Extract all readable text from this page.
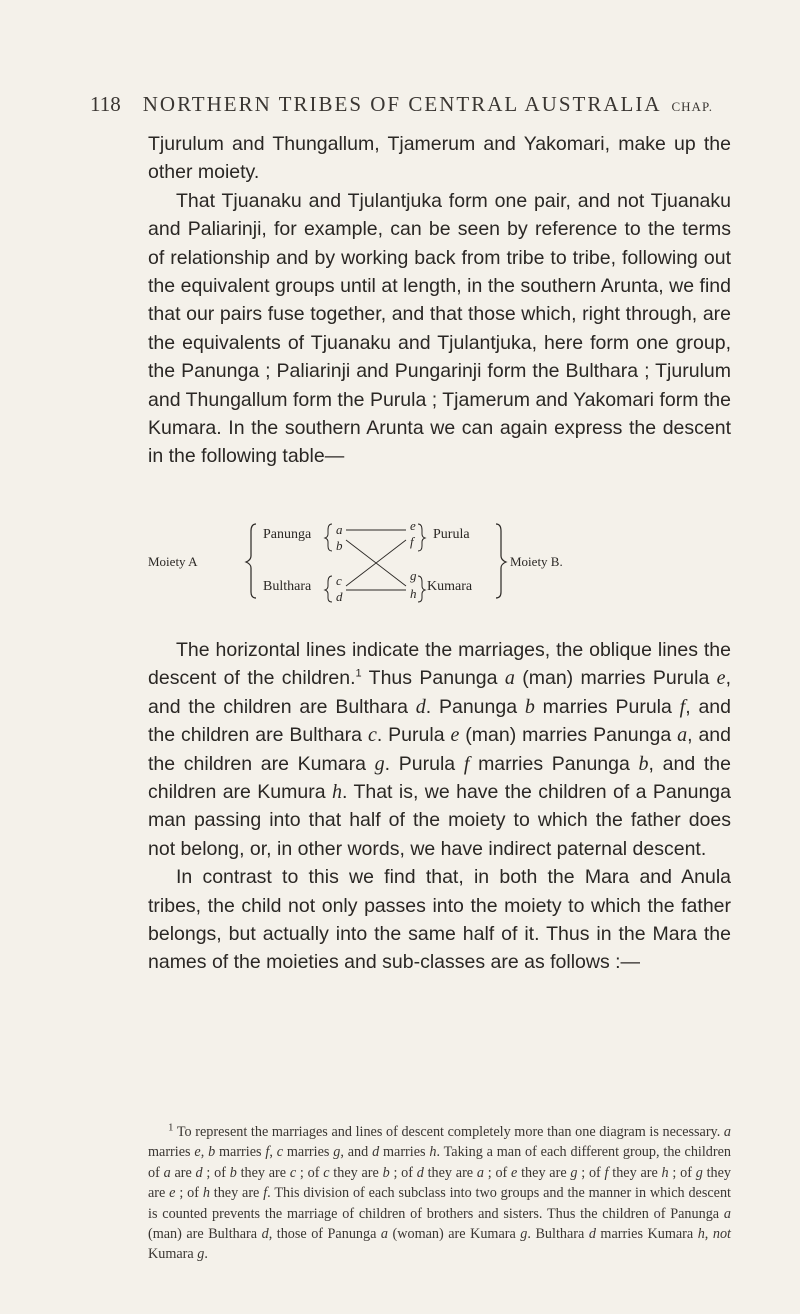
118 NORTHERN TRIBES OF CENTRAL AUSTRALIA CHAP.

Tjurulum and Thungallum, Tjamerum and Yakomari, make up the other moiety.

That Tjuanaku and Tjulantjuka form one pair, and not Tjuanaku and Paliarinji, for example, can be seen by reference to the terms of relationship and by working back from tribe to tribe, following out the equivalent groups until at length, in the southern Arunta, we find that our pairs fuse together, and that those which, right through, are the equivalents of Tjuanaku and Tjulantjuka, here form one group, the Panunga ; Paliarinji and Pungarinji form the Bulthara ; Tjurulum and Thungallum form the Purula ; Tjamerum and Yakomari form the Kumara. In the southern Arunta we can again express the descent in the following table—

Moiety A
Panunga
Bulthara
a
b
c
d
e
f
g
h
Purula
Kumara
Moiety B.

The horizontal lines indicate the marriages, the oblique lines the descent of the children.$^1$ Thus Panunga a (man) marries Purula e, and the children are Bulthara d. Panunga b marries Purula f, and the children are Bulthara c. Purula e (man) marries Panunga a, and the children are Kumara g. Purula f marries Panunga b, and the children are Kumura h. That is, we have the children of a Panunga man passing into that half of the moiety to which the father does not belong, or, in other words, we have indirect paternal descent.

In contrast to this we find that, in both the Mara and Anula tribes, the child not only passes into the moiety to which the father belongs, but actually into the same half of it. Thus in the Mara the names of the moieties and sub-classes are as follows :—

$^1$ To represent the marriages and lines of descent completely more than one diagram is necessary. a marries e, b marries f, c marries g, and d marries h. Taking a man of each different group, the children of a are d ; of b they are c ; of c they are b ; of d they are a ; of e they are g ; of f they are h ; of g they are e ; of h they are f. This division of each subclass into two groups and the manner in which descent is counted prevents the marriage of children of brothers and sisters. Thus the children of Panunga a (man) are Bulthara d, those of Panunga a (woman) are Kumara g. Bulthara d marries Kumara h, not Kumara g.
